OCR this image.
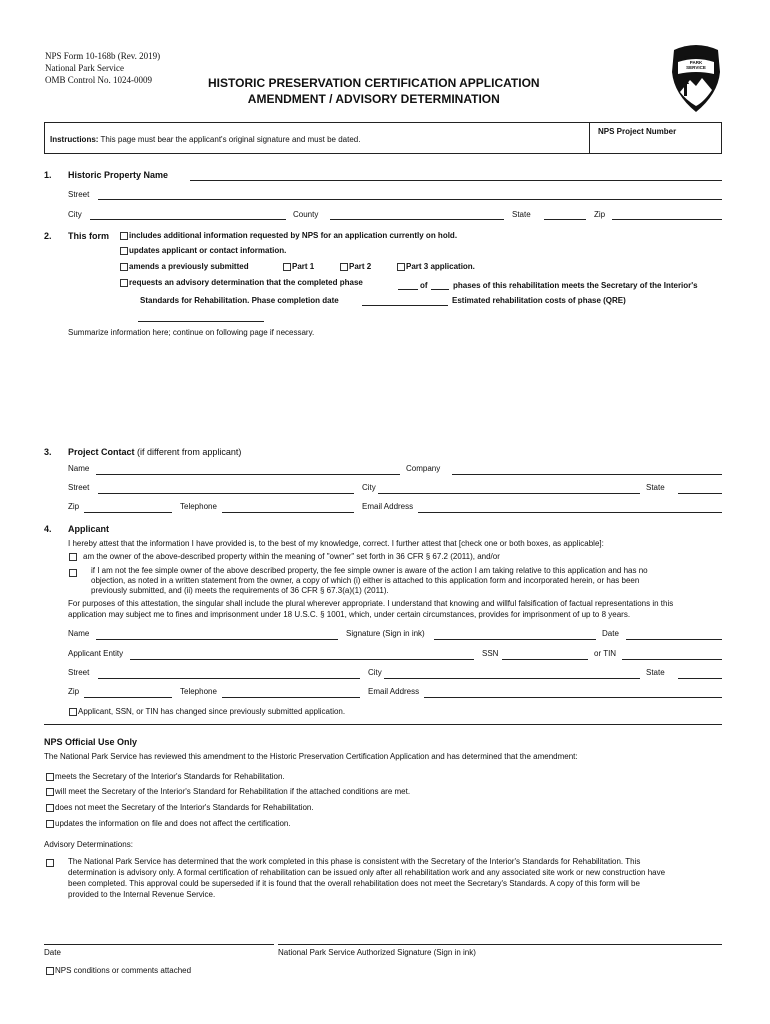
NPS Form 10-168b (Rev. 2019)
National Park Service
OMB Control No. 1024-0009	HISTORIC PRESERVATION CERTIFICATION APPLICATION
AMENDMENT / ADVISORY DETERMINATION
NATIONAL PARK SERVICE
Instructions: This page must bear the applicant's original signature and must be dated.
NPS Project Number
1. Historic Property Name
Street
City	County	State	Zip
2. This form includes additional information requested by NPS for an application currently on hold.
updates applicant or contact information.
amends a previously submitted	Part 1	Part 2	Part 3 application.
requests an advisory determination that the completed phase	of	phases of this rehabilitation meets the Secretary of the Interior's
Standards for Rehabilitation. Phase completion date	Estimated rehabilitation costs of phase (QRE)
Summarize information here; continue on following page if necessary.
3. Project Contact (if different from applicant)
Name	Company
Street	City	State
Zip	Telephone	Email Address
4. Applicant
I hereby attest that the information I have provided is, to the best of my knowledge, correct. I further attest that [check one or both boxes, as applicable]:
am the owner of the above-described property within the meaning of "owner" set forth in 36 CFR § 67.2 (2011), and/or
if I am not the fee simple owner of the above described property, the fee simple owner is aware of the action I am taking relative to this application and has no
objection, as noted in a written statement from the owner, a copy of which (i) either is attached to this application form and incorporated herein, or has been
previously submitted, and (ii) meets the requirements of 36 CFR § 67.3(a)(1) (2011).
For purposes of this attestation, the singular shall include the plural wherever appropriate. I understand that knowing and willful falsification of factual representations in this
application may subject me to fines and imprisonment under 18 U.S.C. § 1001, which, under certain circumstances, provides for imprisonment of up to 8 years.
Name	Signature (Sign in ink)	Date
Applicant Entity	SSN	or TIN
Street	City	State
Zip	Telephone	Email Address
Applicant, SSN, or TIN has changed since previously submitted application.
NPS Official Use Only
The National Park Service has reviewed this amendment to the Historic Preservation Certification Application and has determined that the amendment:
meets the Secretary of the Interior's Standards for Rehabilitation.
will meet the Secretary of the Interior's Standard for Rehabilitation if the attached conditions are met.
does not meet the Secretary of the Interior's Standards for Rehabilitation.
updates the information on file and does not affect the certification.
Advisory Determinations:
The National Park Service has determined that the work completed in this phase is consistent with the Secretary of the Interior's Standards for Rehabilitation. This
determination is advisory only. A formal certification of rehabilitation can be issued only after all rehabilitation work and any associated site work or new construction have
been completed. This approval could be superseded if it is found that the overall rehabilitation does not meet the Secretary's Standards. A copy of this form will be
provided to the Internal Revenue Service.
Date	National Park Service Authorized Signature (Sign in ink)
NPS conditions or comments attached
